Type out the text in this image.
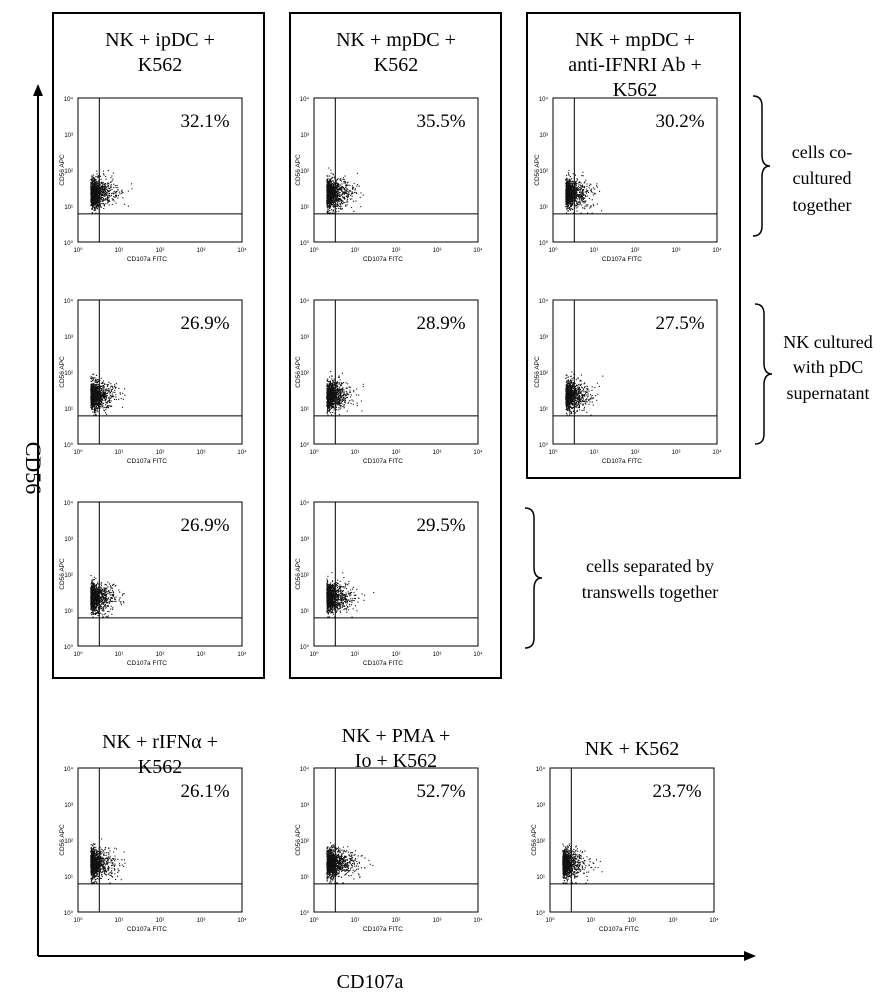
CD56
CD107a
cells co-
cultured
together
NK cultured
with pDC
supernatant
cells separated by
transwells together
10⁰
10⁰
10¹
10¹
10²
10²
10³
10³
10⁴
10⁴
CD107a FITC
CD56 APC
32.1%
NK + ipDC +
K562
10⁰
10⁰
10¹
10¹
10²
10²
10³
10³
10⁴
10⁴
CD107a FITC
CD56 APC
35.5%
NK + mpDC +
K562
10⁰
10⁰
10¹
10¹
10²
10²
10³
10³
10⁴
10⁴
CD107a FITC
CD56 APC
30.2%
NK + mpDC +
anti-IFNRI Ab +
K562
10⁰
10⁰
10¹
10¹
10²
10²
10³
10³
10⁴
10⁴
CD107a FITC
CD56 APC
26.9%
10⁰
10⁰
10¹
10¹
10²
10²
10³
10³
10⁴
10⁴
CD107a FITC
CD56 APC
28.9%
10⁰
10⁰
10¹
10¹
10²
10²
10³
10³
10⁴
10⁴
CD107a FITC
CD56 APC
27.5%
10⁰
10⁰
10¹
10¹
10²
10²
10³
10³
10⁴
10⁴
CD107a FITC
CD56 APC
26.9%
10⁰
10⁰
10¹
10¹
10²
10²
10³
10³
10⁴
10⁴
CD107a FITC
CD56 APC
29.5%
10⁰
10⁰
10¹
10¹
10²
10²
10³
10³
10⁴
10⁴
CD107a FITC
CD56 APC
26.1%
NK + rIFNα +
K562
10⁰
10⁰
10¹
10¹
10²
10²
10³
10³
10⁴
10⁴
CD107a FITC
CD56 APC
52.7%
NK + PMA +
Io + K562
10⁰
10⁰
10¹
10¹
10²
10²
10³
10³
10⁴
10⁴
CD107a FITC
CD56 APC
23.7%
NK + K562
